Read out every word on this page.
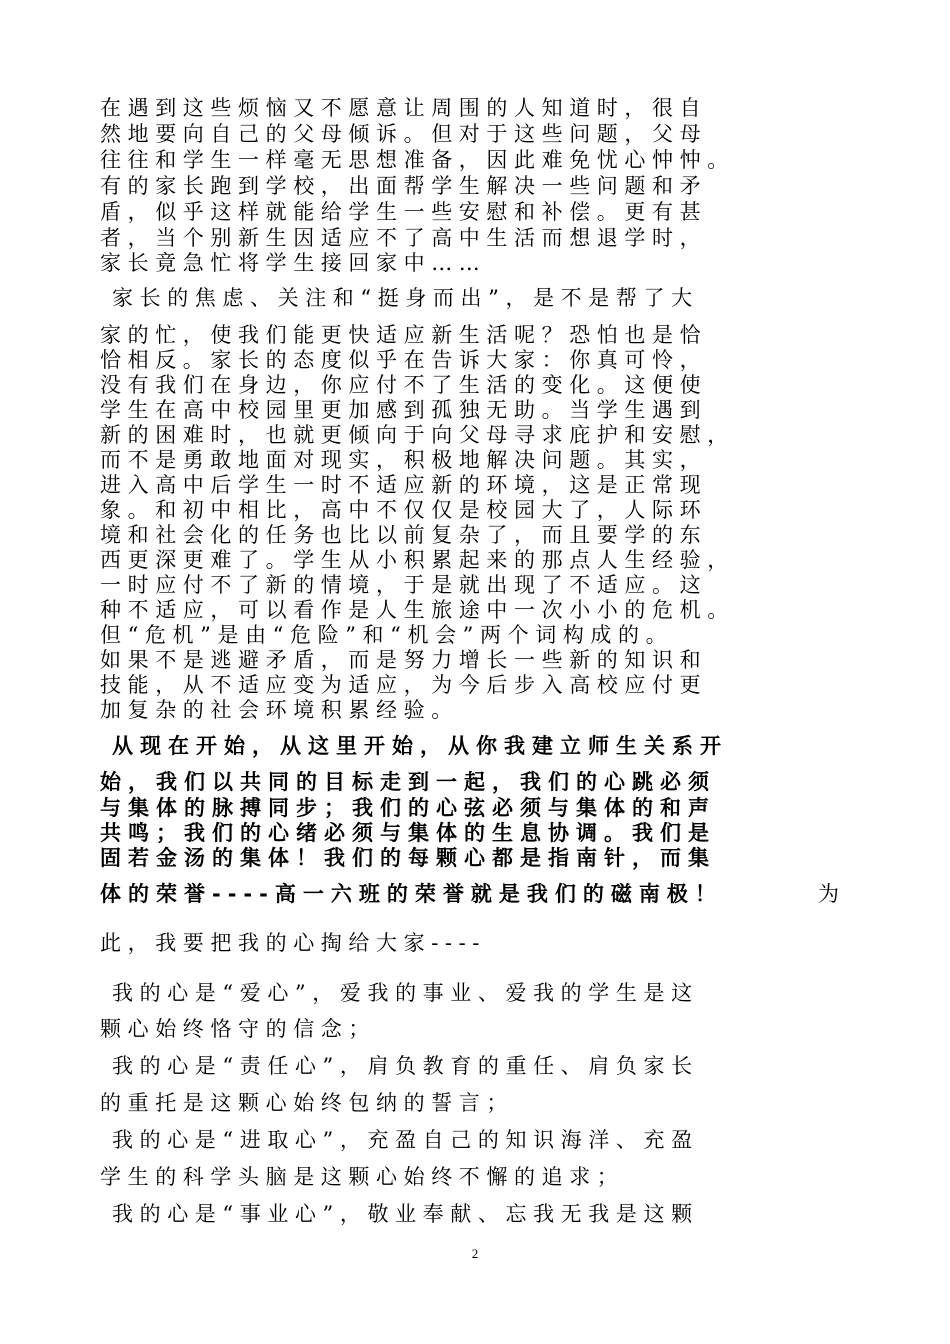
在遇到这些烦恼又不愿意让周围的人知道时，很自
然地要向自己的父母倾诉。但对于这些问题，父母
往往和学生一样毫无思想准备，因此难免忧心忡忡。
有的家长跑到学校，出面帮学生解决一些问题和矛
盾，似乎这样就能给学生一些安慰和补偿。更有甚
者，当个别新生因适应不了高中生活而想退学时，
家长竟急忙将学生接回家中……
家长的焦虑、关注和“挺身而出”，是不是帮了大
家的忙，使我们能更快适应新生活呢？恐怕也是恰
恰相反。家长的态度似乎在告诉大家：你真可怜，
没有我们在身边，你应付不了生活的变化。这便使
学生在高中校园里更加感到孤独无助。当学生遇到
新的困难时，也就更倾向于向父母寻求庇护和安慰，
而不是勇敢地面对现实，积极地解决问题。其实，
进入高中后学生一时不适应新的环境，这是正常现
象。和初中相比，高中不仅仅是校园大了，人际环
境和社会化的任务也比以前复杂了，而且要学的东
西更深更难了。学生从小积累起来的那点人生经验，
一时应付不了新的情境，于是就出现了不适应。这
种不适应，可以看作是人生旅途中一次小小的危机。
但“危机”是由“危险”和“机会”两个词构成的。
如果不是逃避矛盾，而是努力增长一些新的知识和
技能，从不适应变为适应，为今后步入高校应付更
加复杂的社会环境积累经验。
从现在开始，从这里开始，从你我建立师生关系开
始，我们以共同的目标走到一起，我们的心跳必须
与集体的脉搏同步；我们的心弦必须与集体的和声
共鸣；我们的心绪必须与集体的生息协调。我们是
固若金汤的集体！我们的每颗心都是指南针，而集
体的荣誉----高一六班的荣誉就是我们的磁南极！	为
此，我要把我的心掏给大家----
我的心是“爱心”，爱我的事业、爱我的学生是这
颗心始终恪守的信念；
我的心是“责任心”，肩负教育的重任、肩负家长
的重托是这颗心始终包纳的誓言；
我的心是“进取心”，充盈自己的知识海洋、充盈
学生的科学头脑是这颗心始终不懈的追求；
我的心是“事业心”，敬业奉献、忘我无我是这颗
2
